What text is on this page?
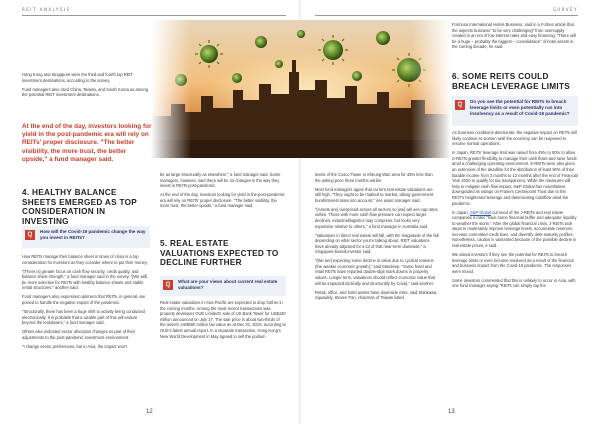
REIT ANALYSIS	SURVEY

Hong Kong and Singapore were the third and fourth top REIT investment destinations, according to the survey.

Fund managers also cited China, Taiwan, and South Korea as among the potential REIT investment destinations.

At the end of the day, investors looking for yield in the post-pandemic era will rely on REITs' proper disclosure. "The better visibility, the more trust, the better upside," a fund manager said.
4. HEALTHY BALANCE SHEETS EMERGED AS TOP CONSIDERATION IN INVESTING
Q
How will the Covid-19 pandemic change the way you invest in REITs?

How REITs manage their balance sheet in times of crisis is a top consideration for investors as they consider where to put their money.

"[There is] greater focus on cash flow security, credit quality, and balance sheet strength," a fund manager said in the survey. "[We will] be more selective for REITs with healthy balance sheets and stable rental structures," another said.

Fund managers also expressed optimism that REITs, in general, are poised to handle the negative impact of the pandemic.

"Structurally, there has been a huge shift to activity being conducted electronically. It is probable that a sizable part of this will endure beyond the lockdowns," a fund manager said.

Others also indicated sector allocation changes as part of their adjustments to the post-pandemic investment environment.

"I change sector preferences, but in Asia, the impact won't

be as large structurally as elsewhere," a fund manager said. Some managers, however, said there will be no changes in the way they invest in REITs post-pandemic.

At the end of the day, investors looking for yield in the post-pandemic era will rely on REITs' proper disclosure. "The better visibility, the more trust, the better upside," a fund manager said.

5. REAL ESTATE VALUATIONS EXPECTED TO DECLINE FURTHER
Q
What are your views about current real estate valuations?

Real estate valuations in Asia Pacific are expected to drop further in the coming months. Among the most recent transactions was property developer OUE Limited's sale of US Bank Tower for US$430 million announced on July 17. The sale price is about two-thirds of the asset's US$680 million fair value as at Dec 31, 2019, according to OUE's latest annual report. In a separate transaction, Hong Kong's New World Development in May agreed to sell the podium

12

levels of the Cosco Tower in Sheung Wan area for 45% less than the asking price three months earlier.

Most fund managers agree that current real estate valuations are still high. "They ought to be marked to market, taking government bond/interest rates into account," one asset manager said.

"[Assets are] overpriced across all sectors so [we] will see cap rates soften. Those with more cash flow pressure can expect larger declines; industrial/logistics may compress, but looks very expensive relative to others," a fund manager in Australia said.

"Valuations in direct real estate will fall, with the magnitude of the fall depending on what sector you're talking about. REIT valuations have already adjusted for a lot of that near-term downside," a Singapore-based investor said.

"[We are] expecting some decline in value due to cyclical reasons (the weaker economic growth)," said Mandeep. "Some hotel and retail REITs have reported double-digit mark downs in property values. Longer term, valuations should reflect economic value that will be impacted tactically and structurally by Covid," said another.

Retail, office, and hotel assets have downside risks, said Shinkawa, Squawkly, Steven Pan, chairman of Taiwan listed

Formosa International Hotels Business, said in a Forbes article that the aspects business "to be very challenging" from oversupply created in an era of low interest rates and easy financing. "There will be a huge – probably the biggest – consolidation" of hotel assets in the coming decade, he said.

6. SOME REITS COULD BREACH LEVERAGE LIMITS
Q
Do you see the potential for REITs to breach leverage limits or even potentially run into insolvency as a result of Covid-19 pandemic?

As business conditions deteriorate, the negative impact on REITs will likely continue to worsen until the economy can be reopened to resume normal operations.

In Japan, REITs' leverage limit was raised from 45% to 50% to allow S-REITs greater flexibility to manage their cash flows and raise funds amid a challenging operating environment. S-REITs were also given an extension of the deadline for the distribution of least 90% of their taxable income from 3 months to 12 months after the end of Financial Year 2020 to qualify for tax transparency. While the measures will help to mitigate cash flow impact, S&P Global has nonetheless downgraded its ratings on Frasers Centrepoint Trust due to the REIT's heightened leverage and deteriorating cashflow amid the pandemic.

In Japan, S&P Global cut need of the J-REITs and real estate companies it rates "have some financial buffer and adequate liquidity to weather the storm." After the global financial crisis, J-REITs took steps to moderately improve leverage levels, accumulate reserves, increase committed credit lines, and diversify debt maturity profiles. Nonetheless, caution is warranted because of the possible decline in real estate prices, it said.

We asked investors if they see the potential for REITs to breach leverage limits or even become insolvent as a result of the financial and business impact from the Covid-19 pandemic. The responses were mixed.

Some investors commented that this is unlikely to occur in Asia, with one fund manager saying "REITs can simply tap the

13
